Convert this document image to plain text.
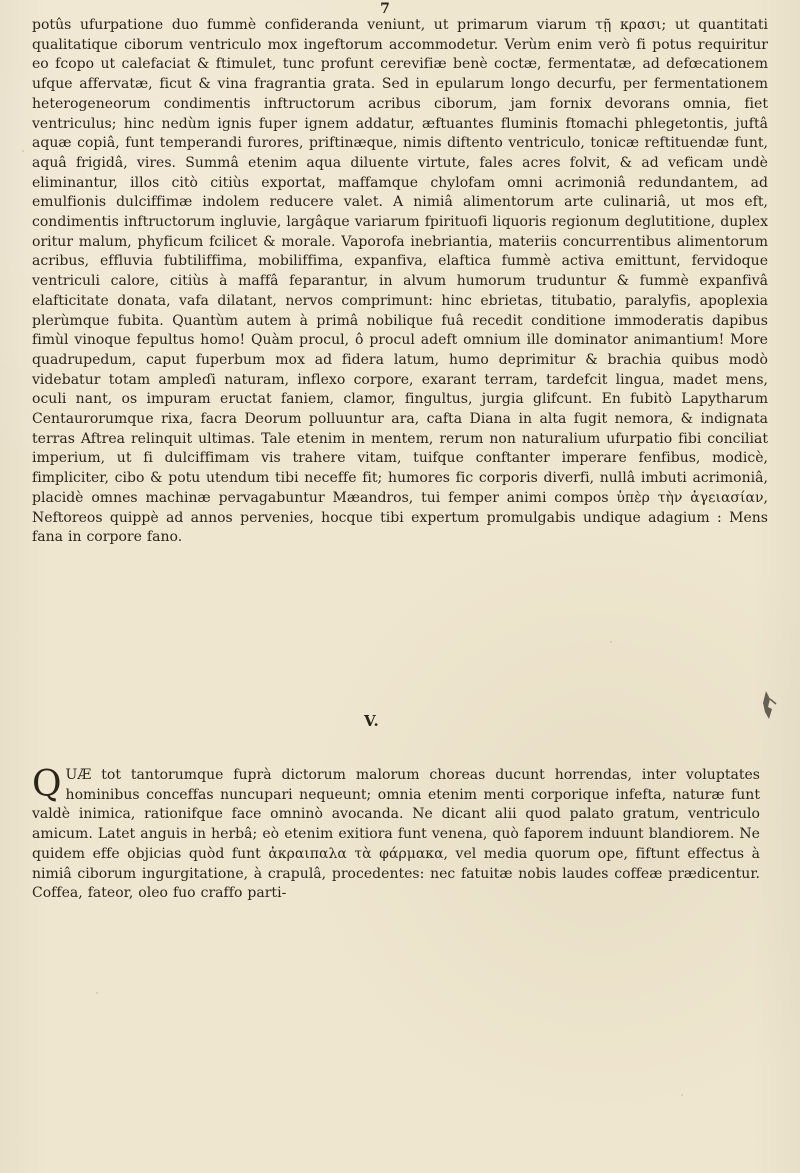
7
potûs ufurpatione duo fummè confideranda veniunt, ut primarum viarum τῇ κρασι; ut quantitati qualitatique ciborum ventriculo mox ingeftorum accommodetur. Verùm enim verò fi potus requiritur eo fcopo ut calefaciat & ftimulet, tunc profunt cerevifiæ benè coctæ, fermentatæ, ad defœcationem ufque affervatæ, ficut & vina fragrantia grata. Sed in epularum longo decurfu, per fermentationem heterogeneorum condimentis inftructorum acribus ciborum, jam fornix devorans omnia, fiet ventriculus; hinc nedùm ignis fuper ignem addatur, æftuantes fluminis ftomachi phlegetontis, juftâ aquæ copiâ, funt temperandi furores, priftinæque, nimis diftento ventriculo, tonicæ reftituendæ funt, aquâ frigidâ, vires. Summâ etenim aqua diluente virtute, fales acres folvit, & ad veficam undè eliminantur, illos citò citiùs exportat, maffamque chylofam omni acrimoniâ redundantem, ad emulfionis dulciffimæ indolem reducere valet. A nimiâ alimentorum arte culinariâ, ut mos eft, condimentis inftructorum ingluvie, largâque variarum fpirituofi liquoris regionum deglutitione, duplex oritur malum, phyficum fcilicet & morale. Vaporofa inebriantia, materiis concurrentibus alimentorum acribus, effluvia fubtiliffima, mobiliffima, expanfiva, elaftica fummè activa emittunt, fervidoque ventriculi calore, citiùs à maffâ feparantur, in alvum humorum truduntur & fummè expanfivâ elafticitate donata, vafa dilatant, nervos comprimunt: hinc ebrietas, titubatio, paralyfis, apoplexia plerùmque fubita. Quantùm autem à primâ nobilique fuâ recedit conditione immoderatis dapibus fimùl vinoque fepultus homo! Quàm procul, ô procul adeft omnium ille dominator animantium! More quadrupedum, caput fuperbum mox ad fidera latum, humo deprimitur & brachia quibus modò videbatur totam ampleɗi naturam, inflexo corpore, exarant terram, tardefcit lingua, madet mens, oculi nant, os impuram eructat faniem, clamor, fingultus, jurgia glifcunt. En fubitò Lapytharum Centaurorumque rixa, facra Deorum polluuntur ara, cafta Diana in alta fugit nemora, & indignata terras Aftrea relinquit ultimas. Tale etenim in mentem, rerum non naturalium ufurpatio fibi conciliat imperium, ut fi dulciffimam vis trahere vitam, tuifque conftanter imperare fenfibus, modicè, fimpliciter, cibo & potu utendum tibi neceffe fit; humores fic corporis diverfi, nullâ imbuti acrimoniâ, placidè omnes machinæ pervagabuntur Mæandros, tui femper animi compos ὑπὲρ τὴν ἀγειασίαν, Neftoreos quippè ad annos pervenies, hocque tibi expertum promulgabis undique adagium : Mens fana in corpore fano.
V.
QUÆ tot tantorumque fuprà dictorum malorum choreas ducunt horrendas, inter voluptates hominibus conceffas nuncupari nequeunt; omnia etenim menti corporique infefta, naturæ funt valdè inimica, rationifque face omninò avocanda. Ne dicant alii quod palato gratum, ventriculo amicum. Latet anguis in herbâ; eò etenim exitiora funt venena, quò faporem induunt blandiorem. Ne quidem effe objicias quòd funt ἀκραιπαλα τὰ φάρμακα, vel media quorum ope, fiftunt effectus à nimiâ ciborum ingurgitatione, à crapulâ, procedentes: nec fatuitæ nobis laudes coffeæ prædicentur. Coffea, fateor, oleo fuo craffo parti-
